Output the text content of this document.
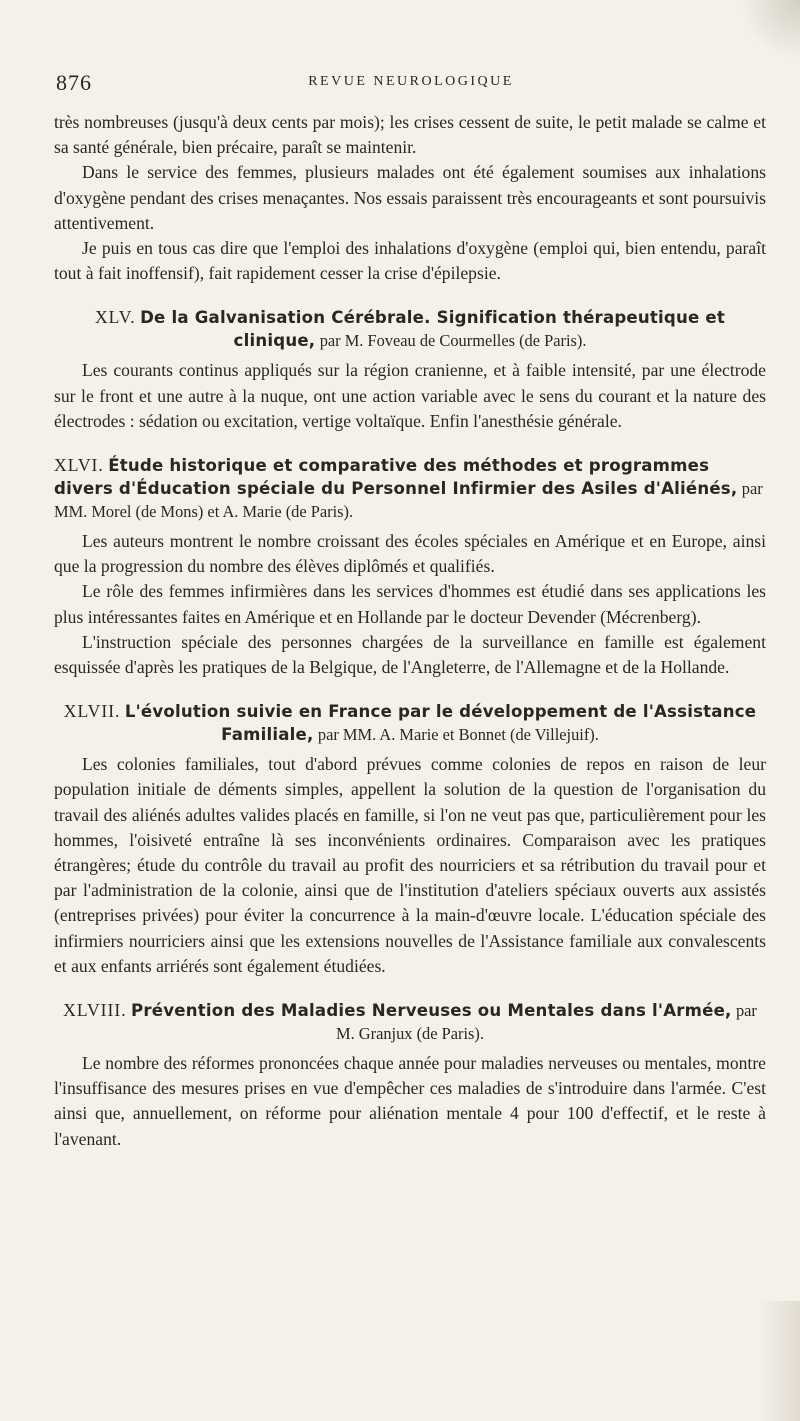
876	REVUE NEUROLOGIQUE

très nombreuses (jusqu'à deux cents par mois); les crises cessent de suite, le petit malade se calme et sa santé générale, bien précaire, paraît se maintenir.

Dans le service des femmes, plusieurs malades ont été également soumises aux inhalations d'oxygène pendant des crises menaçantes. Nos essais paraissent très encourageants et sont poursuivis attentivement.

Je puis en tous cas dire que l'emploi des inhalations d'oxygène (emploi qui, bien entendu, paraît tout à fait inoffensif), fait rapidement cesser la crise d'épilepsie.

XLV. De la Galvanisation Cérébrale. Signification thérapeutique et clinique, par M. Foveau de Courmelles (de Paris).

Les courants continus appliqués sur la région cranienne, et à faible intensité, par une électrode sur le front et une autre à la nuque, ont une action variable avec le sens du courant et la nature des électrodes : sédation ou excitation, vertige voltaïque. Enfin l'anesthésie générale.

XLVI. Étude historique et comparative des méthodes et programmes divers d'Éducation spéciale du Personnel Infirmier des Asiles d'Aliénés, par MM. Morel (de Mons) et A. Marie (de Paris).

Les auteurs montrent le nombre croissant des écoles spéciales en Amérique et en Europe, ainsi que la progression du nombre des élèves diplômés et qualifiés.

Le rôle des femmes infirmières dans les services d'hommes est étudié dans ses applications les plus intéressantes faites en Amérique et en Hollande par le docteur Devender (Mécrenberg).

L'instruction spéciale des personnes chargées de la surveillance en famille est également esquissée d'après les pratiques de la Belgique, de l'Angleterre, de l'Allemagne et de la Hollande.

XLVII. L'évolution suivie en France par le développement de l'Assistance Familiale, par MM. A. Marie et Bonnet (de Villejuif).

Les colonies familiales, tout d'abord prévues comme colonies de repos en raison de leur population initiale de déments simples, appellent la solution de la question de l'organisation du travail des aliénés adultes valides placés en famille, si l'on ne veut pas que, particulièrement pour les hommes, l'oisiveté entraîne là ses inconvénients ordinaires. Comparaison avec les pratiques étrangères; étude du contrôle du travail au profit des nourriciers et sa rétribution du travail pour et par l'administration de la colonie, ainsi que de l'institution d'ateliers spéciaux ouverts aux assistés (entreprises privées) pour éviter la concurrence à la main-d'œuvre locale. L'éducation spéciale des infirmiers nourriciers ainsi que les extensions nouvelles de l'Assistance familiale aux convalescents et aux enfants arriérés sont également étudiées.

XLVIII. Prévention des Maladies Nerveuses ou Mentales dans l'Armée, par M. Granjux (de Paris).

Le nombre des réformes prononcées chaque année pour maladies nerveuses ou mentales, montre l'insuffisance des mesures prises en vue d'empêcher ces maladies de s'introduire dans l'armée. C'est ainsi que, annuellement, on réforme pour aliénation mentale 4 pour 100 d'effectif, et le reste à l'avenant.
